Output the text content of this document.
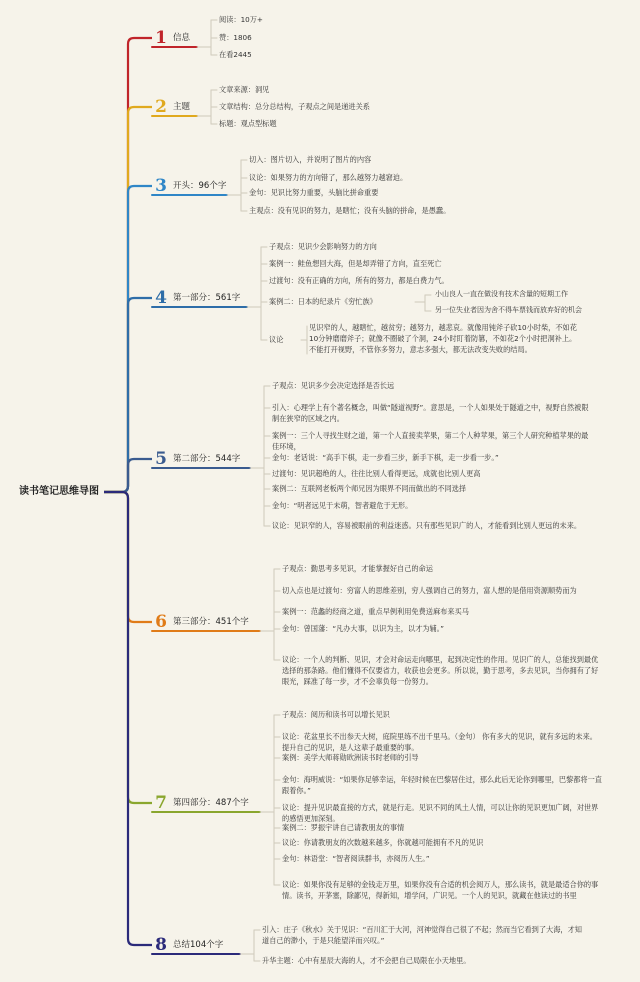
读书笔记思维导图
1 信息
阅读：10万+
赞：1806
在看2445
2 主题
文章来源：洞见
文章结构：总分总结构，子观点之间是递进关系
标题：观点型标题
3 开头：96个字
切入：图片切入，并说明了图片的内容
议论：如果努力的方向错了，那么越努力越窘迫。
金句：见识比努力重要，头脑比拼命重要
主观点：没有见识的努力，是瞎忙；没有头脑的拼命，是愚蠢。
4 第一部分：561字
子观点：见识少会影响努力的方向
案例一：鲑鱼想回大海，但是却弄错了方向，直至死亡
过渡句：没有正确的方向，所有的努力，都是白费力气。
案例二：日本的纪录片《穷忙族》
议论
小山良人一直在做没有技术含量的短期工作
另一位失业者因为舍不得车票钱而放弃好的机会
见识窄的人，越瞎忙，越贫穷；越努力，越悲哀。就像用钝斧子砍10小时柴，不如花10分钟磨磨斧子；就像不圈破了个洞，24小时盯着防篡，不如花2个小时把洞补上。 不能打开视野，不管你多努力，意志多强大，都无法改变失败的结局。
5 第二部分：544字
子观点：见识多少会决定选择是否长远
引入：心理学上有个著名概念，叫做“隧道视野”。意思是，一个人如果处于隧道之中，视野自然被限制在狭窄的区域之内。
案例一：三个人寻找生财之道，第一个人直接卖苹果，第二个人种苹果，第三个人研究种植苹果的最佳环境，
金句：老话说：“高手下棋，走一步看三步，新手下棋，走一步看一步。”
过渡句：见识超绝的人，往往比别人看得更远，成就也比别人更高
案例二：互联网老板两个师兄因为眼界不同而做出的不同选择
金句：“明者远见于未萌，智者避危于无形。
议论：见识窄的人，容易被眼前的利益迷惑。只有那些见识广的人，才能看到比别人更远的未来。
6 第三部分：451个字
子观点：勤思考多见识，才能掌握好自己的命运
切入点也是过渡句：穷富人的思维差别，穷人强调自己的努力，富人想的是借用资源顺势而为
案例一：范蠡的经商之道，重点早例利用免费送麻布来买马
金句：曾国藩：“凡办大事，以识为主，以才为辅。”
议论：一个人的判断、见识，才会对命运走向哪里，起到决定性的作用。见识广的人，总能找到最优选择的那条路。他们懂得不仅要省力，收获也会更多。所以说，勤于思考，多去见识，当你拥有了好眼光，踩准了每一步，才不会辜负每一份努力。
7 第四部分：487个字
子观点：阅历和读书可以增长见识
议论：花盆里长不出参天大树，庭院里练不出千里马。（金句） 你有多大的见识，就有多远的未来。提升自己的见识，是人这辈子最重要的事。
案例：美学大师蒋勋欧洲读书时老师的引导
金句：海明威说：“如果你足够幸运，年轻时候在巴黎居住过，那么此后无论你到哪里，巴黎都将一直跟着你。”
议论：提升见识最直接的方式，就是行走。见识不同的风土人情，可以让你的见识更加广阔，对世界的感悟更加深刻。
案例二：罗振宇讲自己请教朋友的事情
议论：你请教朋友的次数越来越多，你就越可能拥有不凡的见识
金句：林语堂：“智者阅读群书，亦阅历人生。”
议论：如果你没有足够的金钱走万里，如果你没有合适的机会阅万人，那么读书，就是最适合你的事情。读书，开茅塞，除鄙见，得新知，增学问，广识见。一个人的见识，就藏在他读过的书里
8 总结104个字
引入：庄子《秋水》关于见识：“百川汇于大河，河神觉得自己很了不起；然而当它看到了大海，才知道自己的渺小，于是只能望洋而兴叹。”
升华主题：心中有星辰大海的人，才不会把自己局限在小天地里。
